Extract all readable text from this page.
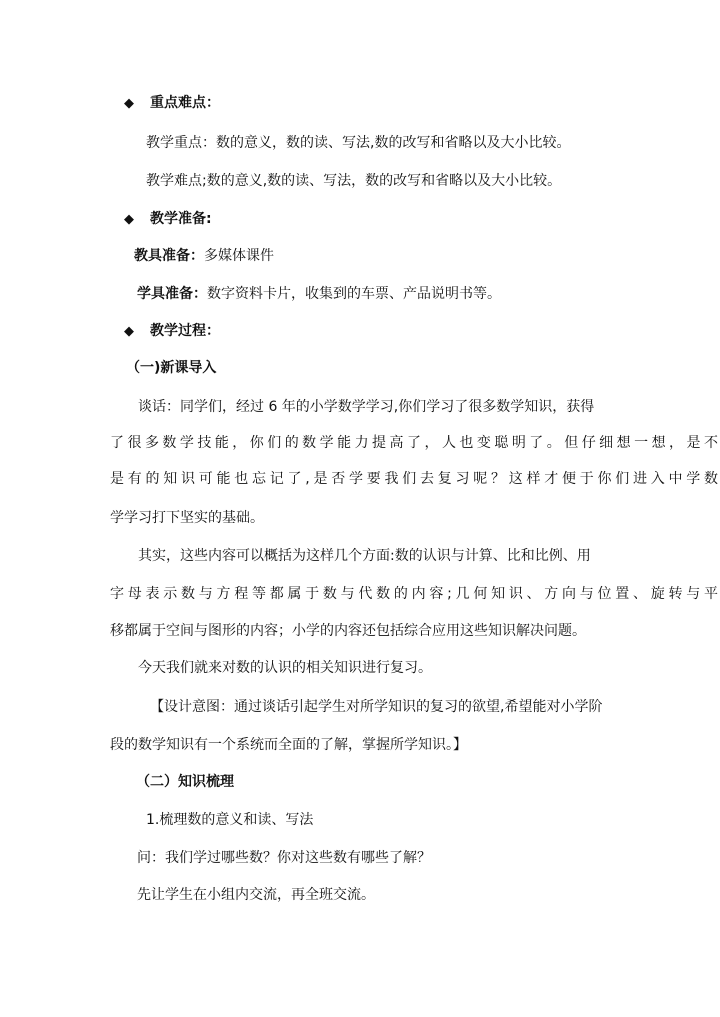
◆ 重点难点：
教学重点：数的意义，数的读、写法,数的改写和省略以及大小比较。
教学难点;数的意义,数的读、写法，数的改写和省略以及大小比较。
◆ 教学准备:
教具准备：多媒体课件
学具准备：数字资料卡片，收集到的车票、产品说明书等。
◆ 教学过程：
（一)新课导入
谈话：同学们，经过 6 年的小学数学学习,你们学习了很多数学知识，获得
了很多数学技能，你们的数学能力提高了，人也变聪明了。但仔细想一想，是不
是有的知识可能也忘记了,是否学要我们去复习呢？这样才便于你们进入中学数
学学习打下坚实的基础。
其实，这些内容可以概括为这样几个方面:数的认识与计算、比和比例、用
字母表示数与方程等都属于数与代数的内容;几何知识、方向与位置、旋转与平
移都属于空间与图形的内容；小学的内容还包括综合应用这些知识解决问题。
今天我们就来对数的认识的相关知识进行复习。
【设计意图：通过谈话引起学生对所学知识的复习的欲望,希望能对小学阶
段的数学知识有一个系统而全面的了解，掌握所学知识。】
（二）知识梳理
1.梳理数的意义和读、写法
问：我们学过哪些数？你对这些数有哪些了解？
先让学生在小组内交流，再全班交流。
